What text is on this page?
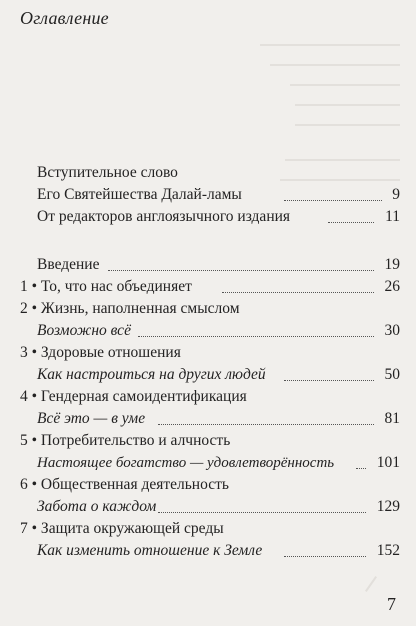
Оглавление
Вступительное слово
Его Святейшества Далай-ламы	9
От редакторов англоязычного издания	11
Введение	19
1 • То, что нас объединяет	26
2 • Жизнь, наполненная смыслом
Возможно всё	30
3 • Здоровые отношения
Как настроиться на других людей	50
4 • Гендерная самоидентификация
Всё это — в уме	81
5 • Потребительство и алчность
Настоящее богатство — удовлетворённость	101
6 • Общественная деятельность
Забота о каждом	129
7 • Защита окружающей среды
Как изменить отношение к Земле	152
7
